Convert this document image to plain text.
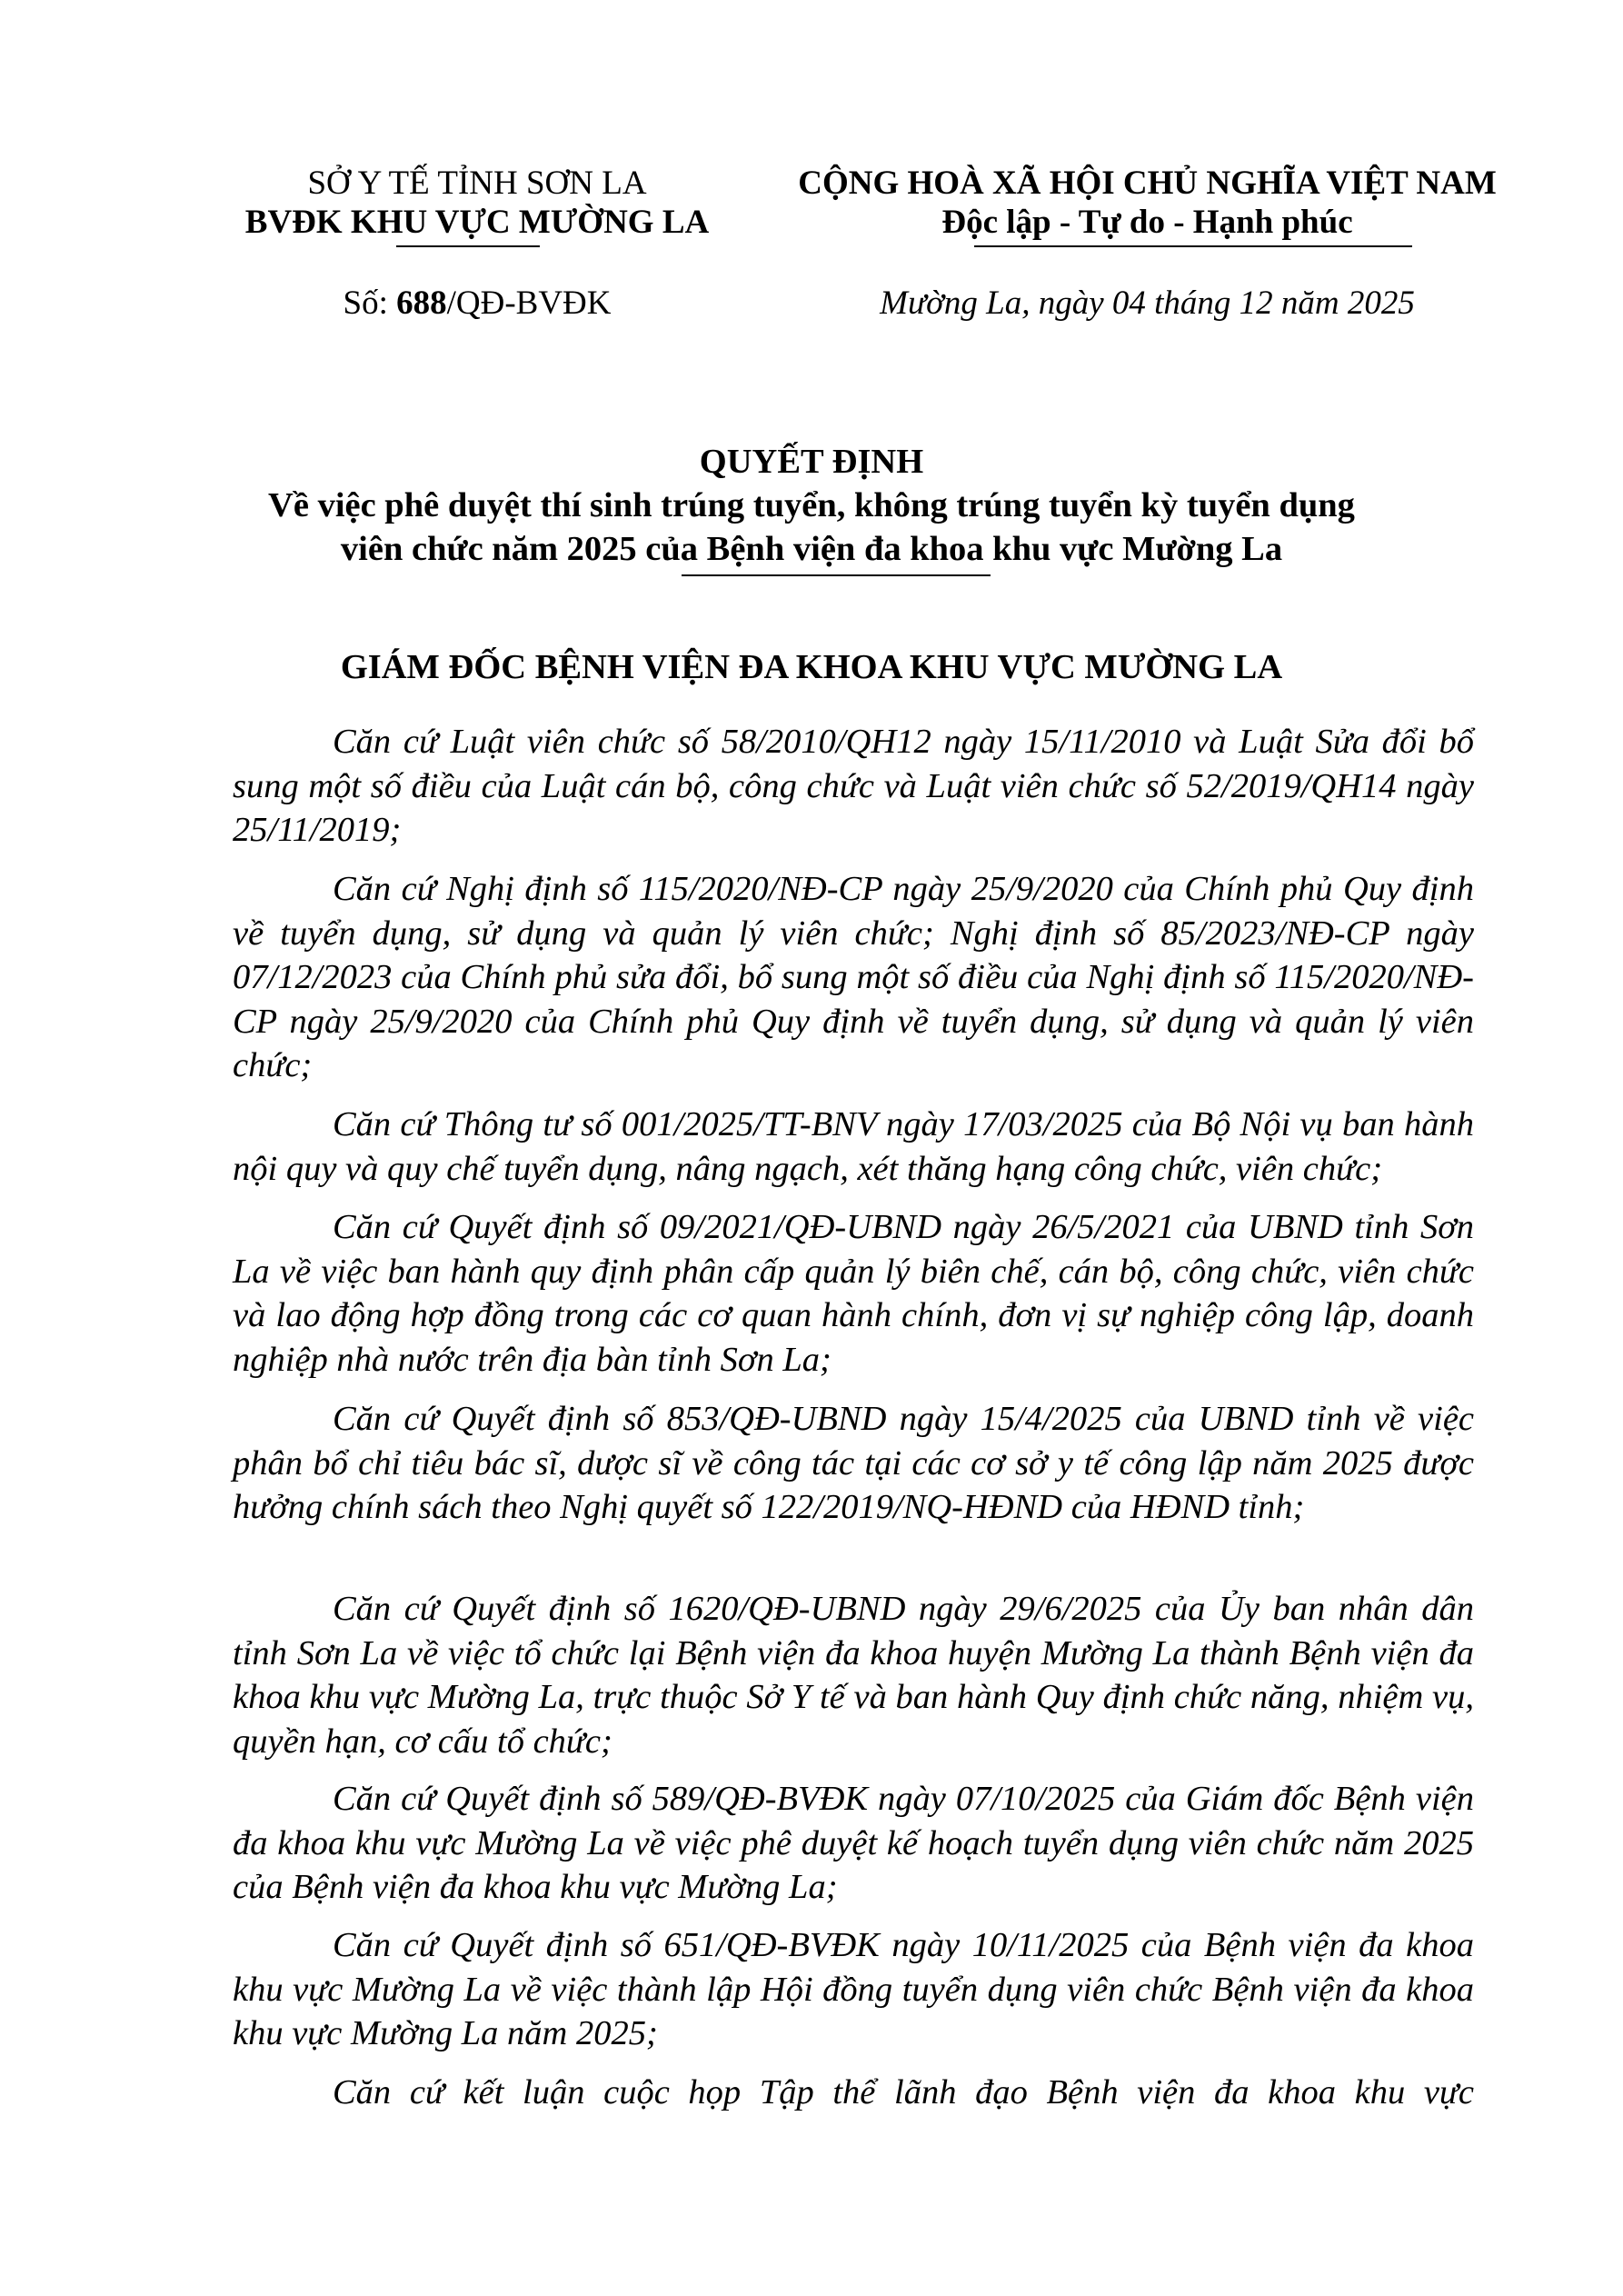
SỞ Y TẾ TỈNH SƠN LA
BVĐK KHU VỰC MƯỜNG LA
Số: 688/QĐ-BVĐK
CỘNG HOÀ XÃ HỘI CHỦ NGHĨA VIỆT NAM
Độc lập - Tự do - Hạnh phúc
Mường La, ngày 04 tháng 12 năm 2025
QUYẾT ĐỊNH
Về việc phê duyệt thí sinh trúng tuyển, không trúng tuyển kỳ tuyển dụng
viên chức năm 2025 của Bệnh viện đa khoa khu vực Mường La
GIÁM ĐỐC BỆNH VIỆN ĐA KHOA KHU VỰC MƯỜNG LA
Căn cứ Luật viên chức số 58/2010/QH12 ngày 15/11/2010 và Luật Sửa đổi bổ sung một số điều của Luật cán bộ, công chức và Luật viên chức số 52/2019/QH14 ngày 25/11/2019;
Căn cứ Nghị định số 115/2020/NĐ-CP ngày 25/9/2020 của Chính phủ Quy định về tuyển dụng, sử dụng và quản lý viên chức; Nghị định số 85/2023/NĐ-CP ngày 07/12/2023 của Chính phủ sửa đổi, bổ sung một số điều của Nghị định số 115/2020/NĐ-CP ngày 25/9/2020 của Chính phủ Quy định về tuyển dụng, sử dụng và quản lý viên chức;
Căn cứ Thông tư số 001/2025/TT-BNV ngày 17/03/2025 của Bộ Nội vụ ban hành nội quy và quy chế tuyển dụng, nâng ngạch, xét thăng hạng công chức, viên chức;
Căn cứ Quyết định số 09/2021/QĐ-UBND ngày 26/5/2021 của UBND tỉnh Sơn La về việc ban hành quy định phân cấp quản lý biên chế, cán bộ, công chức, viên chức và lao động hợp đồng trong các cơ quan hành chính, đơn vị sự nghiệp công lập, doanh nghiệp nhà nước trên địa bàn tỉnh Sơn La;
Căn cứ Quyết định số 853/QĐ-UBND ngày 15/4/2025 của UBND tỉnh về việc phân bổ chỉ tiêu bác sĩ, dược sĩ về công tác tại các cơ sở y tế công lập năm 2025 được hưởng chính sách theo Nghị quyết số 122/2019/NQ-HĐND của HĐND tỉnh;
Căn cứ Quyết định số 1620/QĐ-UBND ngày 29/6/2025 của Ủy ban nhân dân tỉnh Sơn La về việc tổ chức lại Bệnh viện đa khoa huyện Mường La thành Bệnh viện đa khoa khu vực Mường La, trực thuộc Sở Y tế và ban hành Quy định chức năng, nhiệm vụ, quyền hạn, cơ cấu tổ chức;
Căn cứ Quyết định số 589/QĐ-BVĐK ngày 07/10/2025 của Giám đốc Bệnh viện đa khoa khu vực Mường La về việc phê duyệt kế hoạch tuyển dụng viên chức năm 2025 của Bệnh viện đa khoa khu vực Mường La;
Căn cứ Quyết định số 651/QĐ-BVĐK ngày 10/11/2025 của Bệnh viện đa khoa khu vực Mường La về việc thành lập Hội đồng tuyển dụng viên chức Bệnh viện đa khoa khu vực Mường La năm 2025;
Căn cứ kết luận cuộc họp Tập thể lãnh đạo Bệnh viện đa khoa khu vực
